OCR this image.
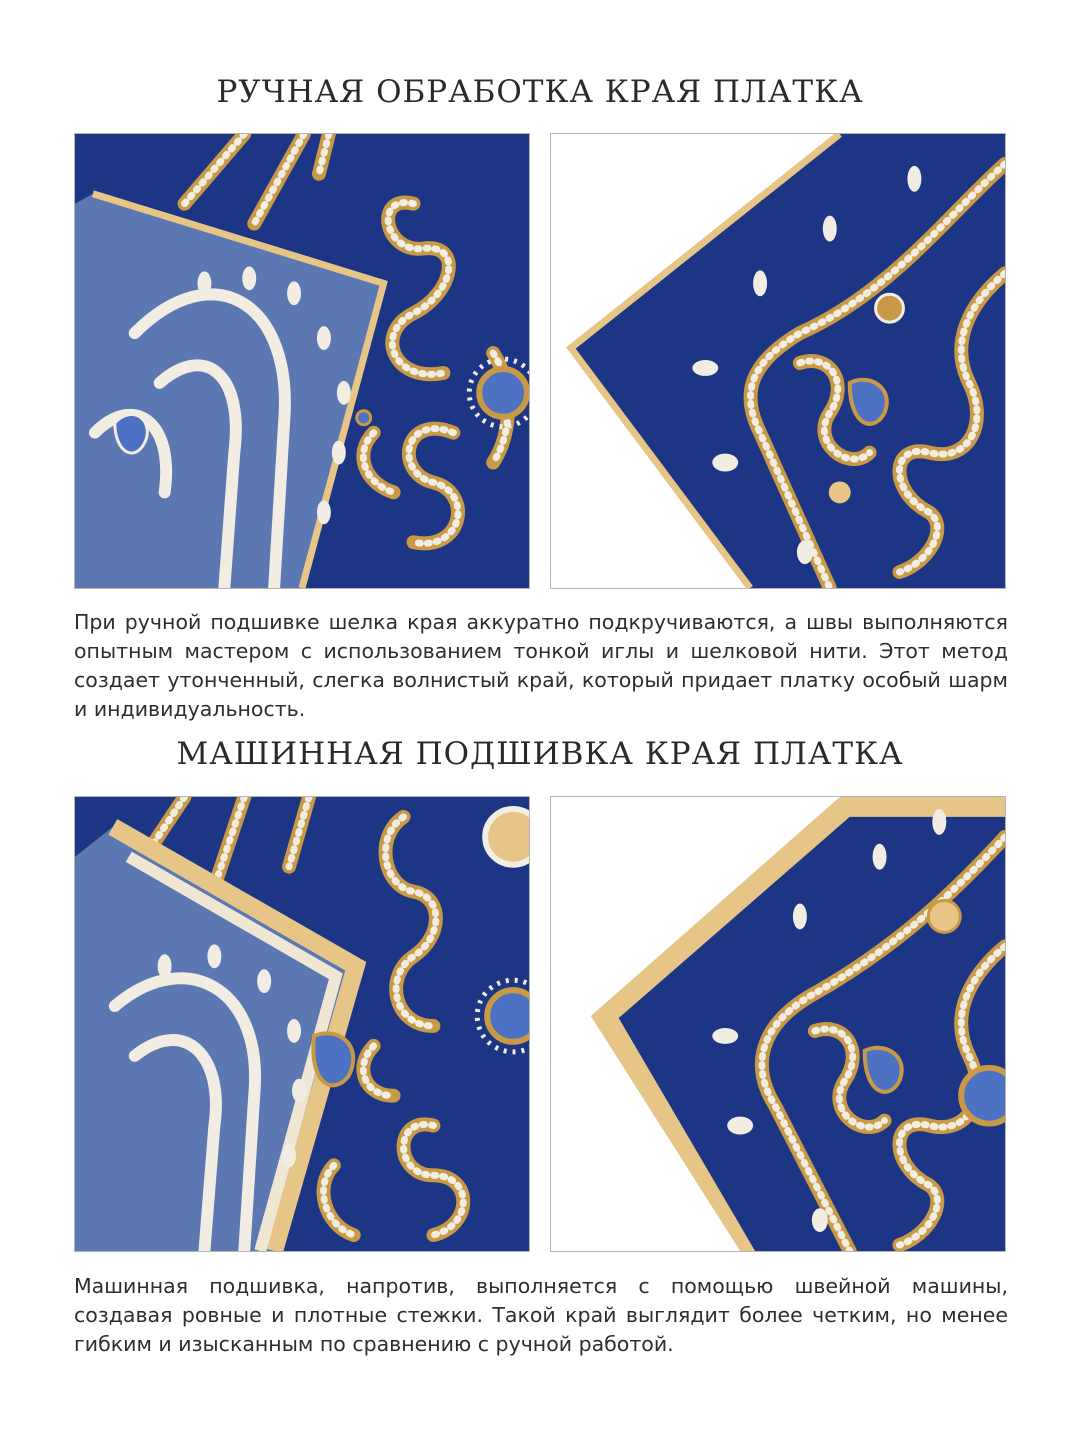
РУЧНАЯ ОБРАБОТКА КРАЯ ПЛАТКА

При ручной подшивке шелка края аккуратно подкручиваются, а швы выполняются опытным мастером с использованием тонкой иглы и шелковой нити. Этот метод создает утонченный, слегка волнистый край, который придает платку особый шарм и индивидуальность.

МАШИННАЯ ПОДШИВКА КРАЯ ПЛАТКА

Машинная подшивка, напротив, выполняется с помощью швейной машины, создавая ровные и плотные стежки. Такой край выглядит более четким, но менее гибким и изысканным по сравнению с ручной работой.
